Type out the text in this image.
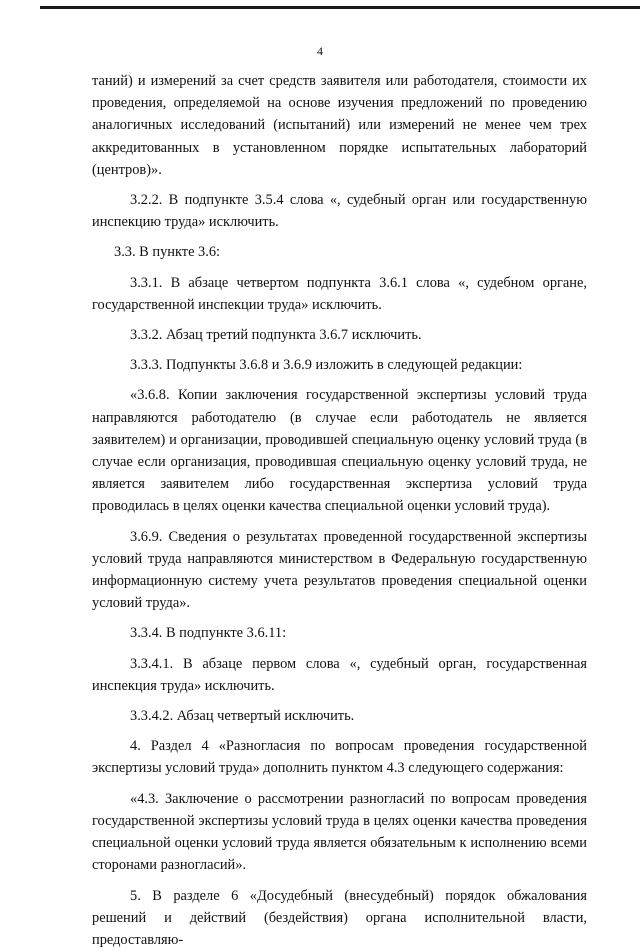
4

таний) и измерений за счет средств заявителя или работодателя, стоимости их проведения, определяемой на основе изучения предложений по проведению аналогичных исследований (испытаний) или измерений не менее чем трех аккредитованных в установленном порядке испытательных лабораторий (центров)».

3.2.2. В подпункте 3.5.4 слова «, судебный орган или государственную инспекцию труда» исключить.

3.3. В пункте 3.6:

3.3.1. В абзаце четвертом подпункта 3.6.1 слова «, судебном органе, государственной инспекции труда» исключить.

3.3.2. Абзац третий подпункта 3.6.7 исключить.

3.3.3. Подпункты 3.6.8 и 3.6.9 изложить в следующей редакции:

«3.6.8. Копии заключения государственной экспертизы условий труда направляются работодателю (в случае если работодатель не является заявителем) и организации, проводившей специальную оценку условий труда (в случае если организация, проводившая специальную оценку условий труда, не является заявителем либо государственная экспертиза условий труда проводилась в целях оценки качества специальной оценки условий труда).

3.6.9. Сведения о результатах проведенной государственной экспертизы условий труда направляются министерством в Федеральную государственную информационную систему учета результатов проведения специальной оценки условий труда».

3.3.4. В подпункте 3.6.11:

3.3.4.1. В абзаце первом слова «, судебный орган, государственная инспекция труда» исключить.

3.3.4.2. Абзац четвертый исключить.

4. Раздел 4 «Разногласия по вопросам проведения государственной экспертизы условий труда» дополнить пунктом 4.3 следующего содержания:

«4.3. Заключение о рассмотрении разногласий по вопросам проведения государственной экспертизы условий труда в целях оценки качества проведения специальной оценки условий труда является обязательным к исполнению всеми сторонами разногласий».

5. В разделе 6 «Досудебный (внесудебный) порядок обжалования решений и действий (бездействия) органа исполнительной власти, предоставляю-
